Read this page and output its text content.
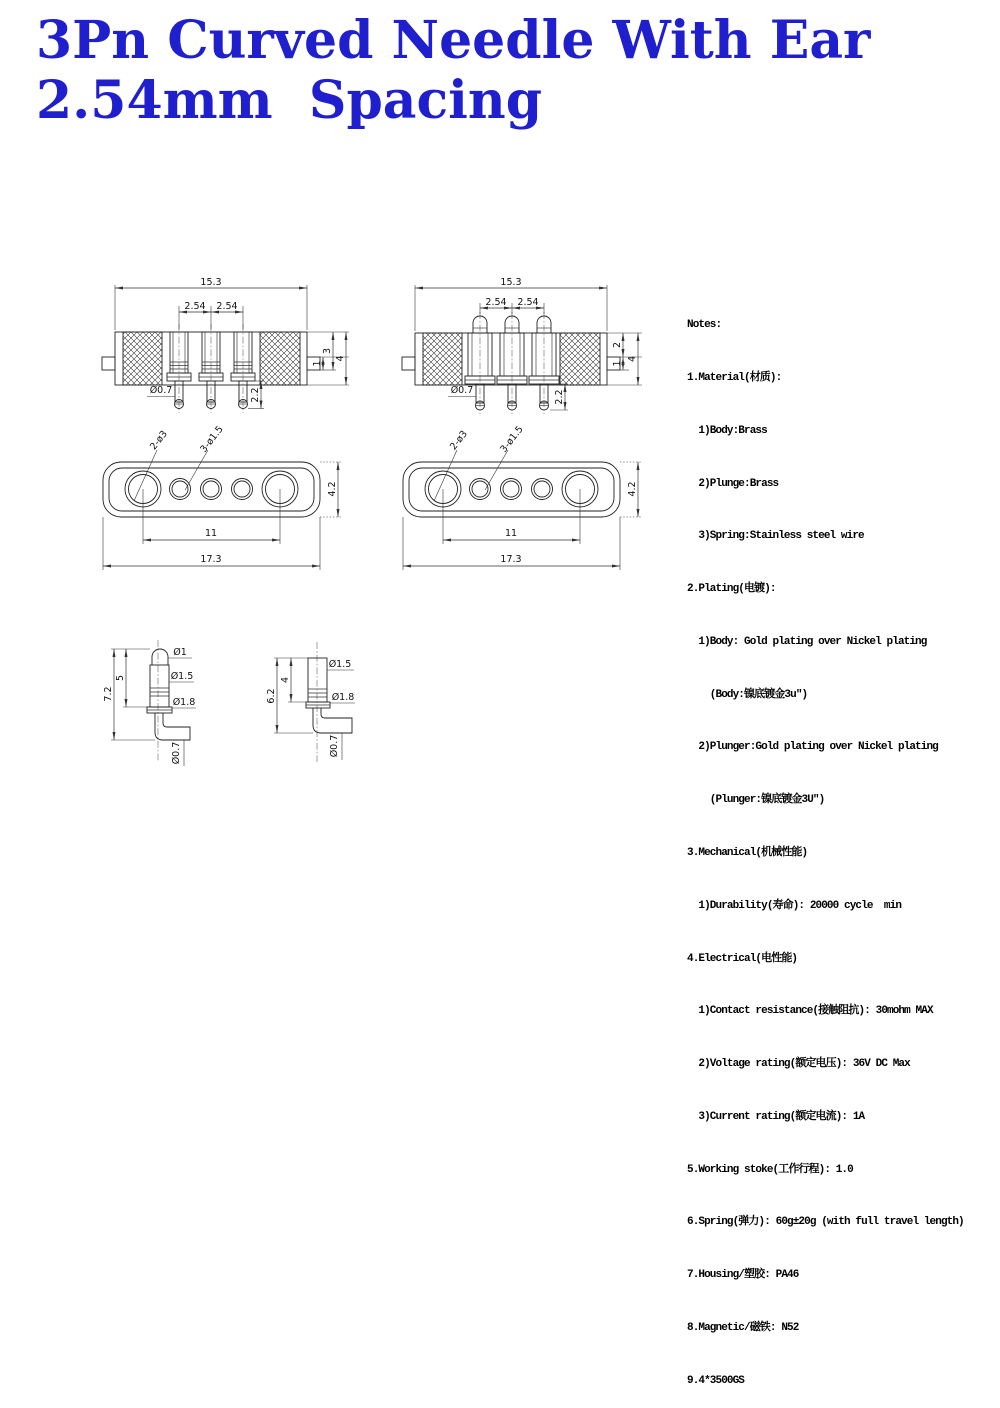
3Pn Curved Needle With Ear
2.54mm  Spacing
15.3
2.54 2.54
Ø0.7	2.2
1
3
4
15.3
2.54 2.54
Ø0.7	2.2
2
1
4
2-ø3	3-ø1.5
4.2
11
17.3
2-ø3	3-ø1.5
4.2
11
17.3
7.2
5
Ø1
Ø1.5
Ø1.8
Ø0.7
6.2
4
Ø1.5
Ø1.8
Ø0.7

Notes:

1.Material(材质):

1)Body:Brass

2)Plunge:Brass

3)Spring:Stainless steel wire

2.Plating(电镀):

1)Body: Gold plating over Nickel plating

(Body:镍底镀金3u")

2)Plunger:Gold plating over Nickel plating

(Plunger:镍底镀金3U")

3.Mechanical(机械性能)

1)Durability(寿命): 20000 cycle  min

4.Electrical(电性能)

1)Contact resistance(接触阻抗): 30mohm MAX

2)Voltage rating(额定电压): 36V DC Max

3)Current rating(额定电流): 1A

5.Working stoke(工作行程): 1.0

6.Spring(弹力): 60g±20g (with full travel length)

7.Housing/塑胶: PA46

8.Magnetic/磁铁: N52

9.4*3500GS
